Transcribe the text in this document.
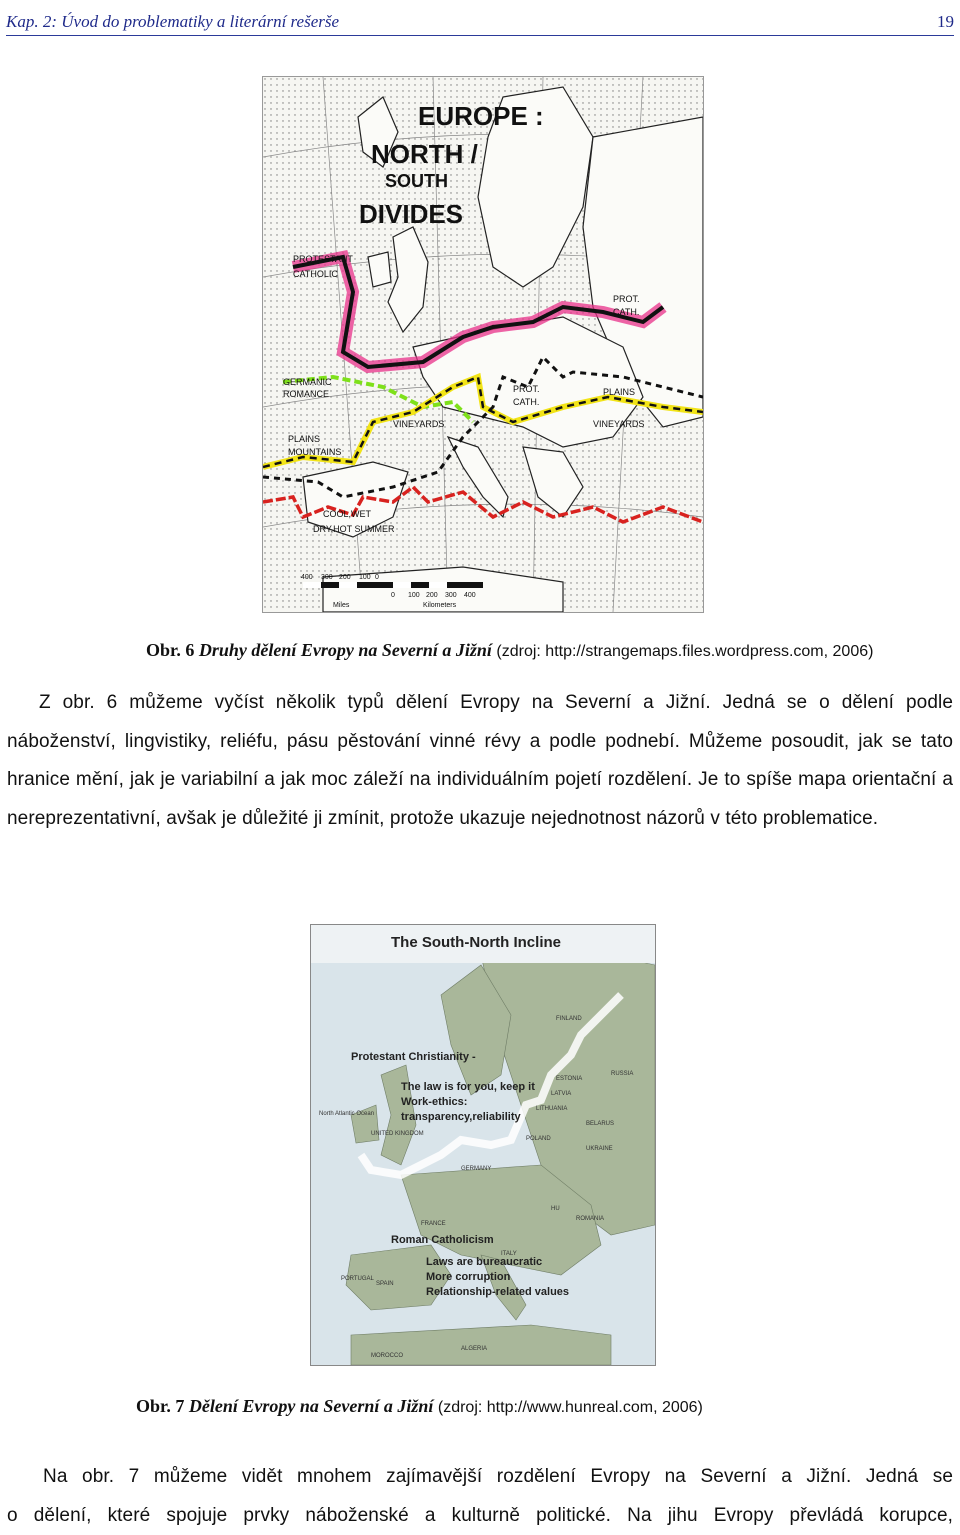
Kap. 2: Úvod do problematiky a literární rešerše	19
EUROPE :
NORTH /
SOUTH
DIVIDES
PROTESTANT
CATHOLIC
PROT.
CATH.
GERMANIC
ROMANCE
VINEYARDS
PROT.
CATH.
PLAINS
VINEYARDS
PLAINS
MOUNTAINS
COOL,WET
DRY,HOT SUMMER
400 300 200 100 0
0 100 200 300 400
Miles	Kilometers
Obr. 6 Druhy dělení Evropy na Severní a Jižní (zdroj: http://strangemaps.files.wordpress.com, 2006)
Z obr. 6 můžeme vyčíst několik typů dělení Evropy na Severní a Jižní. Jedná se o dělení podle náboženství, lingvistiky, reliéfu, pásu pěstování vinné révy a podle podnebí. Můžeme posoudit, jak se tato hranice mění, jak je variabilní a jak moc záleží na individuálním pojetí rozdělení. Je to spíše mapa orientační a nereprezentativní, avšak je důležité ji zmínit, protože ukazuje nejednotnost názorů v této problematice.
The South-North Incline
Protestant Christianity -
The law is for you, keep it
Work-ethics:
transparency,reliability
Roman Catholicism
Laws are bureaucratic
More corruption
Relationship-related values
FINLAND
RUSSIA
ESTONIA
LATVIA
LITHUANIA
BELARUS
POLAND
UKRAINE
GERMANY
FRANCE
SPAIN
PORTUGAL
ITALY
HU
ROMANIA
ALGERIA
MOROCCO
UNITED KINGDOM
North Atlantic Ocean
Obr. 7 Dělení Evropy na Severní a Jižní (zdroj: http://www.hunreal.com, 2006)
Na obr. 7 můžeme vidět mnohem zajímavější rozdělení Evropy na Severní a Jižní. Jedná se
o dělení, které spojuje prvky náboženské a kulturně politické. Na jihu Evropy převládá korupce,
